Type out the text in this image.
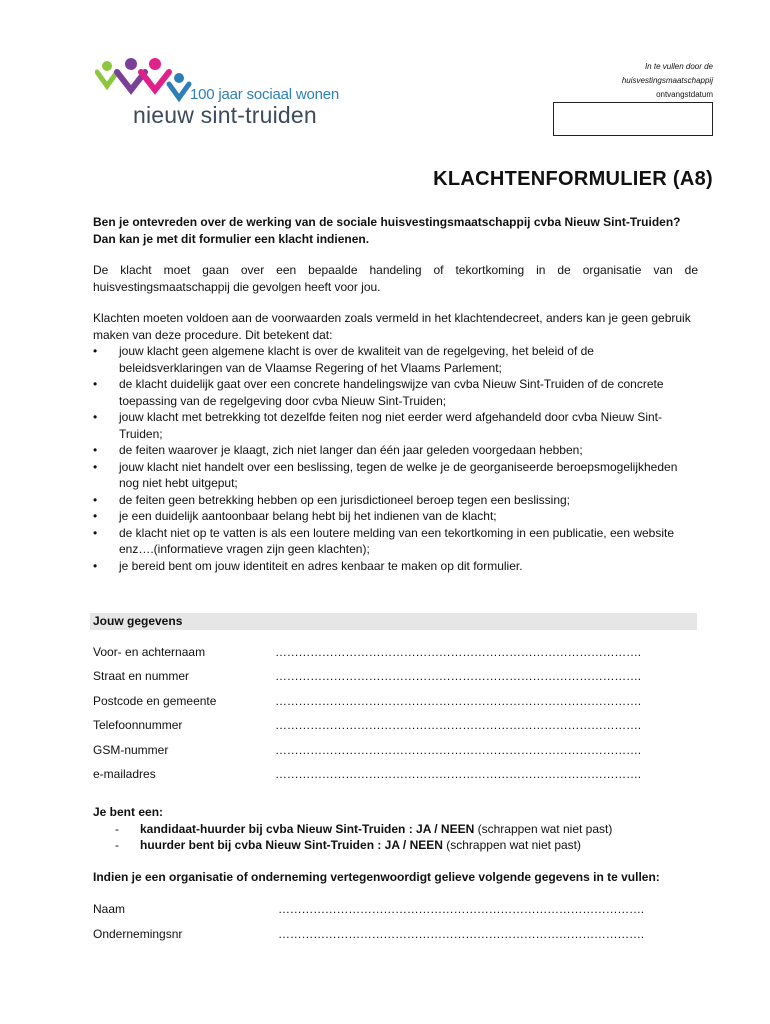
100 jaar sociaal wonen
nieuw sint-truiden
In te vullen door de
huisvestingsmaatschappij
ontvangstdatum
KLACHTENFORMULIER (A8)
Ben je ontevreden over de werking van de sociale huisvestingsmaatschappij cvba Nieuw Sint-Truiden?
Dan kan je met dit formulier een klacht indienen.
De klacht moet gaan over een bepaalde handeling of tekortkoming in de organisatie van de huisvestingsmaatschappij die gevolgen heeft voor jou.
Klachten moeten voldoen aan de voorwaarden zoals vermeld in het klachtendecreet, anders kan je geen gebruik maken van deze procedure. Dit betekent dat:
• jouw klacht geen algemene klacht is over de kwaliteit van de regelgeving, het beleid of de beleidsverklaringen van de Vlaamse Regering of het Vlaams Parlement;
• de klacht duidelijk gaat over een concrete handelingswijze van cvba Nieuw Sint-Truiden of de concrete toepassing van de regelgeving door cvba Nieuw Sint-Truiden;
• jouw klacht met betrekking tot dezelfde feiten nog niet eerder werd afgehandeld door cvba Nieuw Sint-Truiden;
• de feiten waarover je klaagt, zich niet langer dan één jaar geleden voorgedaan hebben;
• jouw klacht niet handelt over een beslissing, tegen de welke je de georganiseerde beroepsmogelijkheden nog niet hebt uitgeput;
• de feiten geen betrekking hebben op een jurisdictioneel beroep tegen een beslissing;
• je een duidelijk aantoonbaar belang hebt bij het indienen van de klacht;
• de klacht niet op te vatten is als een loutere melding van een tekortkoming in een publicatie, een website enz….(informatieve vragen zijn geen klachten);
• je bereid bent om jouw identiteit en adres kenbaar te maken op dit formulier.
Jouw gegevens
Voor- en achternaam	………………………………………………………………………………….
Straat en nummer	………………………………………………………………………………….
Postcode en gemeente	………………………………………………………………………………….
Telefoonnummer	………………………………………………………………………………….
GSM-nummer	………………………………………………………………………………….
e-mailadres	………………………………………………………………………………….
Je bent een:
- kandidaat-huurder bij cvba Nieuw Sint-Truiden : JA / NEEN (schrappen wat niet past)
- huurder bent bij cvba Nieuw Sint-Truiden : JA / NEEN (schrappen wat niet past)
Indien je een organisatie of onderneming vertegenwoordigt gelieve volgende gegevens in te vullen:
Naam	………………………………………………………………………………….
Ondernemingsnr	………………………………………………………………………………….
